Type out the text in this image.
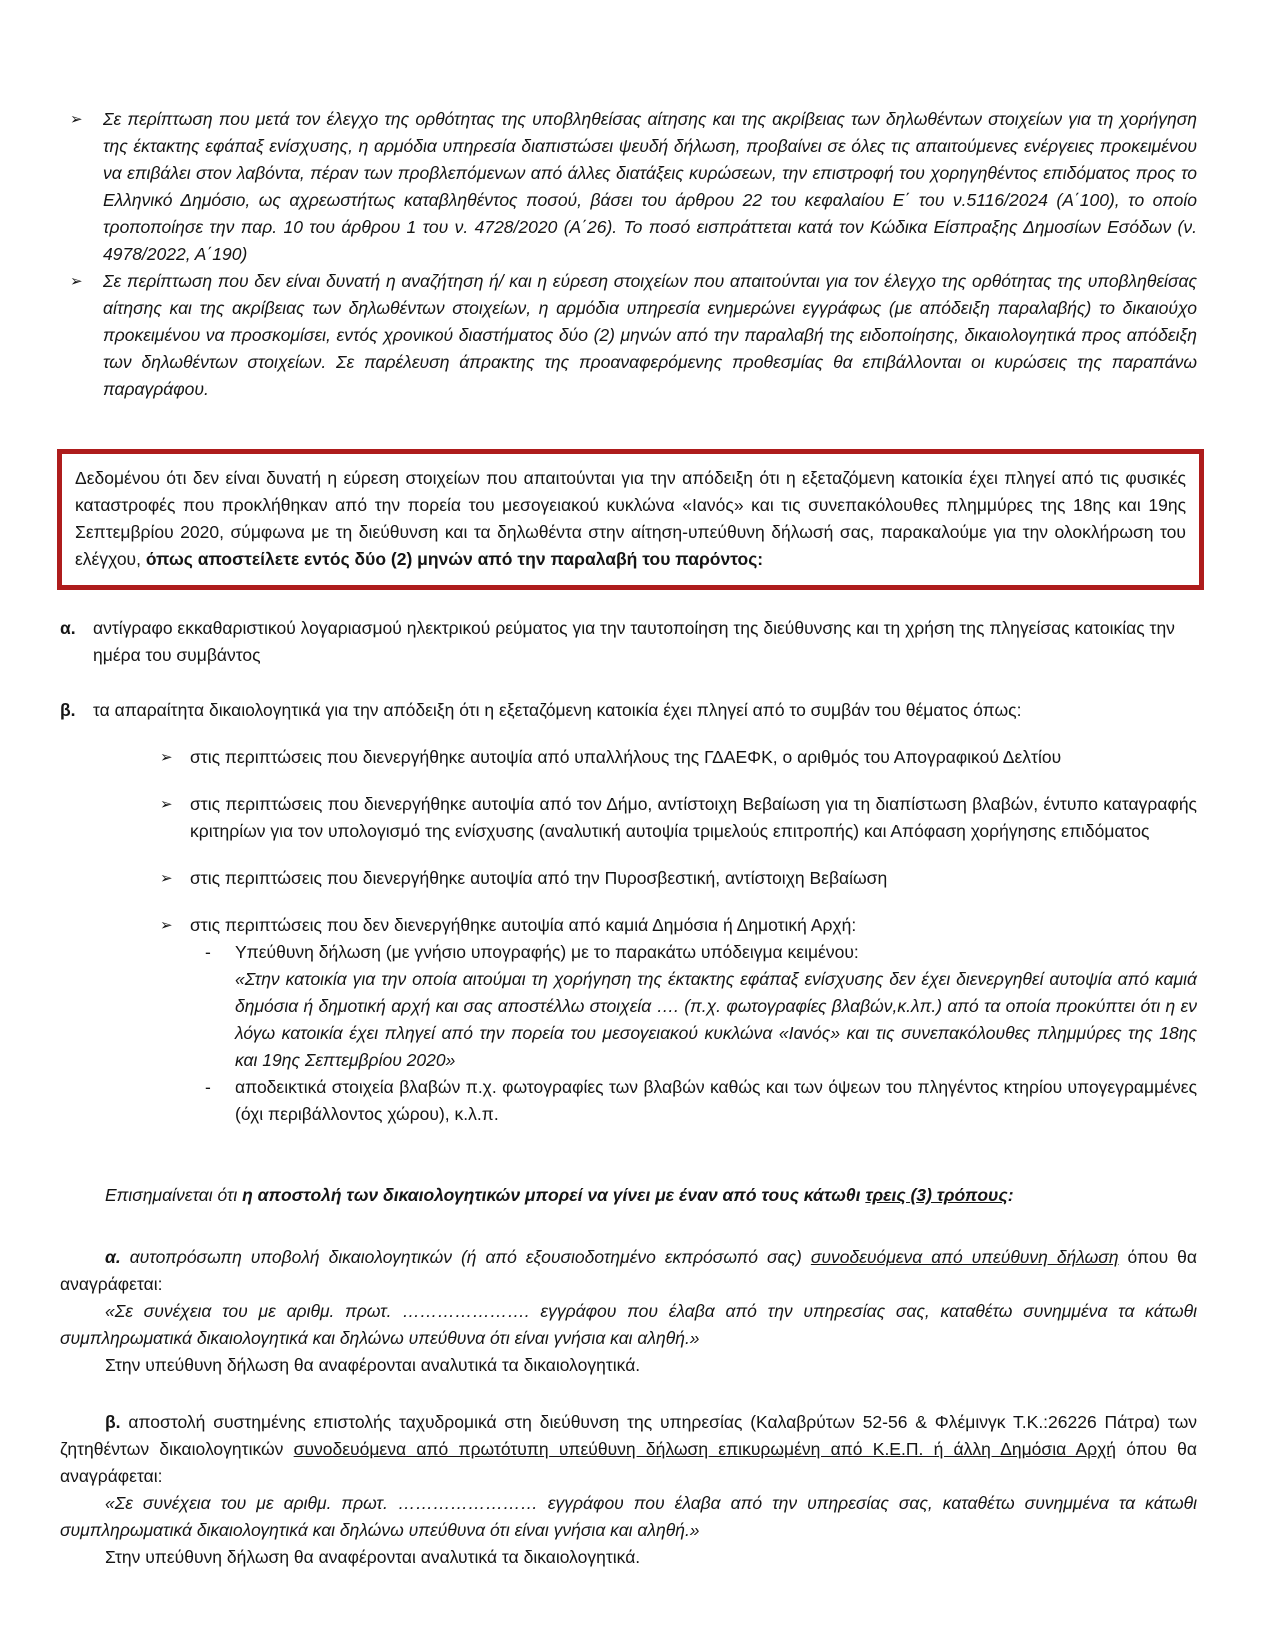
➢	Σε περίπτωση που μετά τον έλεγχο της ορθότητας της υποβληθείσας αίτησης και της ακρίβειας των δηλωθέντων στοιχείων για τη χορήγηση της έκτακτης εφάπαξ ενίσχυσης, η αρμόδια υπηρεσία διαπιστώσει ψευδή δήλωση, προβαίνει σε όλες τις απαιτούμενες ενέργειες προκειμένου να επιβάλει στον λαβόντα, πέραν των προβλεπόμενων από άλλες διατάξεις κυρώσεων, την επιστροφή του χορηγηθέντος επιδόματος προς το Ελληνικό Δημόσιο, ως αχρεωστήτως καταβληθέντος ποσού, βάσει του άρθρου 22 του κεφαλαίου Ε΄ του ν.5116/2024 (Α΄100), το οποίο τροποποίησε την παρ. 10 του άρθρου 1 του ν. 4728/2020 (Α΄26). Το ποσό εισπράττεται κατά τον Κώδικα Είσπραξης Δημοσίων Εσόδων (ν. 4978/2022, Α΄190)

➢	Σε περίπτωση που δεν είναι δυνατή η αναζήτηση ή/ και η εύρεση στοιχείων που απαιτούνται για τον έλεγχο της ορθότητας της υποβληθείσας αίτησης και της ακρίβειας των δηλωθέντων στοιχείων, η αρμόδια υπηρεσία ενημερώνει εγγράφως (με απόδειξη παραλαβής) το δικαιούχο προκειμένου να προσκομίσει, εντός χρονικού διαστήματος δύο (2) μηνών από την παραλαβή της ειδοποίησης, δικαιολογητικά προς απόδειξη των δηλωθέντων στοιχείων. Σε παρέλευση άπρακτης της προαναφερόμενης προθεσμίας θα επιβάλλονται οι κυρώσεις της παραπάνω παραγράφου.

Δεδομένου ότι δεν είναι δυνατή η εύρεση στοιχείων που απαιτούνται για την απόδειξη ότι η εξεταζόμενη κατοικία έχει πληγεί από τις φυσικές καταστροφές που προκλήθηκαν από την πορεία του μεσογειακού κυκλώνα «Ιανός» και τις συνεπακόλουθες πλημμύρες της 18ης και 19ης Σεπτεμβρίου 2020, σύμφωνα με τη διεύθυνση και τα δηλωθέντα στην αίτηση-υπεύθυνη δήλωσή σας, παρακαλούμε για την ολοκλήρωση του ελέγχου, όπως αποστείλετε εντός δύο (2) μηνών από την παραλαβή του παρόντος:

α. αντίγραφο εκκαθαριστικού λογαριασμού ηλεκτρικού ρεύματος για την ταυτοποίηση της διεύθυνσης και τη χρήση της πληγείσας κατοικίας την ημέρα του συμβάντος

β. τα απαραίτητα δικαιολογητικά για την απόδειξη ότι η εξεταζόμενη κατοικία έχει πληγεί από το συμβάν του θέματος όπως:

➢ στις περιπτώσεις που διενεργήθηκε αυτοψία από υπαλλήλους της ΓΔΑΕΦΚ, ο αριθμός του Απογραφικού Δελτίου

➢ στις περιπτώσεις που διενεργήθηκε αυτοψία από τον Δήμο, αντίστοιχη Βεβαίωση για τη διαπίστωση βλαβών, έντυπο καταγραφής κριτηρίων για τον υπολογισμό της ενίσχυσης (αναλυτική αυτοψία τριμελούς επιτροπής) και Απόφαση χορήγησης επιδόματος

➢ στις περιπτώσεις που διενεργήθηκε αυτοψία από την Πυροσβεστική, αντίστοιχη Βεβαίωση

➢ στις περιπτώσεις που δεν διενεργήθηκε αυτοψία από καμιά Δημόσια ή Δημοτική Αρχή:

-	Υπεύθυνη δήλωση (με γνήσιο υπογραφής) με το παρακάτω υπόδειγμα κειμένου:

«Στην κατοικία για την οποία αιτούμαι τη χορήγηση της έκτακτης εφάπαξ ενίσχυσης δεν έχει διενεργηθεί αυτοψία από καμιά δημόσια ή δημοτική αρχή και σας αποστέλλω στοιχεία …. (π.χ. φωτογραφίες βλαβών,κ.λπ.) από τα οποία προκύπτει ότι η εν λόγω κατοικία έχει πληγεί από την πορεία του μεσογειακού κυκλώνα «Ιανός» και τις συνεπακόλουθες πλημμύρες της 18ης και 19ης Σεπτεμβρίου 2020»

-	αποδεικτικά στοιχεία βλαβών π.χ. φωτογραφίες των βλαβών καθώς και των όψεων του πληγέντος κτηρίου υπογεγραμμένες (όχι περιβάλλοντος χώρου), κ.λ.π.

Επισημαίνεται ότι η αποστολή των δικαιολογητικών μπορεί να γίνει με έναν από τους κάτωθι τρεις (3) τρόπους:

α. αυτοπρόσωπη υποβολή δικαιολογητικών (ή από εξουσιοδοτημένο εκπρόσωπό σας) συνοδευόμενα από υπεύθυνη δήλωση όπου θα αναγράφεται:

«Σε συνέχεια του με αριθμ. πρωτ. …………………. εγγράφου που έλαβα από την υπηρεσίας σας, καταθέτω συνημμένα τα κάτωθι συμπληρωματικά δικαιολογητικά και δηλώνω υπεύθυνα ότι είναι γνήσια και αληθή.»

Στην υπεύθυνη δήλωση θα αναφέρονται αναλυτικά τα δικαιολογητικά.

β. αποστολή συστημένης επιστολής ταχυδρομικά στη διεύθυνση της υπηρεσίας (Καλαβρύτων 52-56 & Φλέμινγκ Τ.Κ.:26226 Πάτρα) των ζητηθέντων δικαιολογητικών συνοδευόμενα από πρωτότυπη υπεύθυνη δήλωση επικυρωμένη από Κ.Ε.Π. ή άλλη Δημόσια Αρχή όπου θα αναγράφεται:

«Σε συνέχεια του με αριθμ. πρωτ. …………………… εγγράφου που έλαβα από την υπηρεσίας σας, καταθέτω συνημμένα τα κάτωθι συμπληρωματικά δικαιολογητικά και δηλώνω υπεύθυνα ότι είναι γνήσια και αληθή.»

Στην υπεύθυνη δήλωση θα αναφέρονται αναλυτικά τα δικαιολογητικά.
